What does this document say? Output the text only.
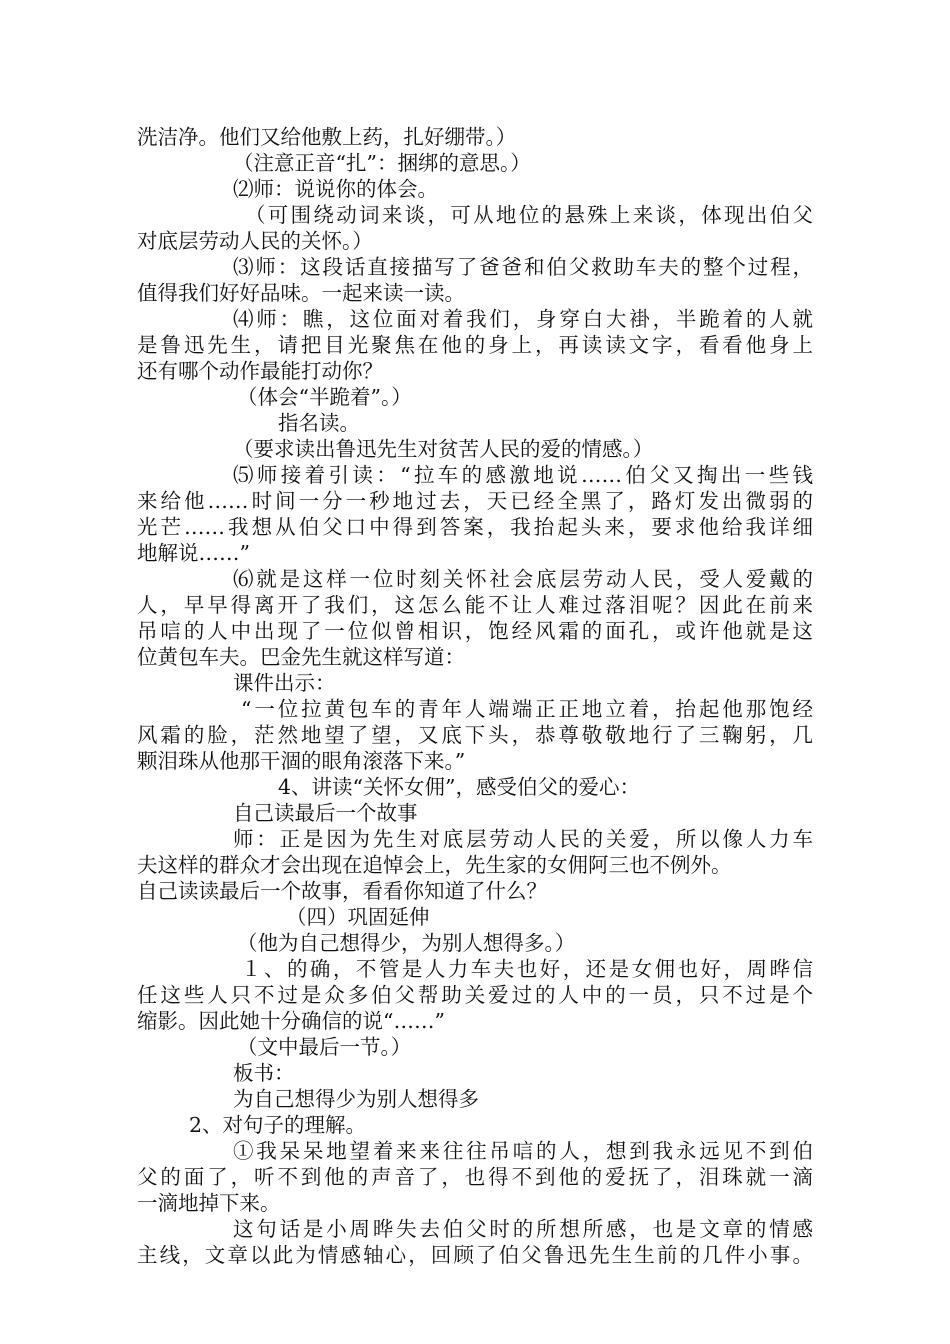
洗洁净。他们又给他敷上药，扎好绷带。）
（注意正音“扎”：捆绑的意思。）
⑵师：说说你的体会。
（可围绕动词来谈，可从地位的悬殊上来谈，体现出伯父
对底层劳动人民的关怀。）
⑶师：这段话直接描写了爸爸和伯父救助车夫的整个过程，
值得我们好好品味。一起来读一读。
⑷师：瞧，这位面对着我们，身穿白大褂，半跪着的人就
是鲁迅先生，请把目光聚焦在他的身上，再读读文字，看看他身上
还有哪个动作最能打动你？
（体会“半跪着”。）
指名读。
（要求读出鲁迅先生对贫苦人民的爱的情感。）
⑸师接着引读：“拉车的感激地说……伯父又掏出一些钱
来给他……时间一分一秒地过去，天已经全黑了，路灯发出微弱的
光芒……我想从伯父口中得到答案，我抬起头来，要求他给我详细
地解说……”
⑹就是这样一位时刻关怀社会底层劳动人民，受人爱戴的
人，早早得离开了我们，这怎么能不让人难过落泪呢？因此在前来
吊唁的人中出现了一位似曾相识，饱经风霜的面孔，或许他就是这
位黄包车夫。巴金先生就这样写道：
课件出示：
“一位拉黄包车的青年人端端正正地立着，抬起他那饱经
风霜的脸，茫然地望了望，又底下头，恭尊敬敬地行了三鞠躬，几
颗泪珠从他那干涸的眼角滚落下来。”
4、讲读“关怀女佣”，感受伯父的爱心：
自己读最后一个故事
师：正是因为先生对底层劳动人民的关爱，所以像人力车
夫这样的群众才会出现在追悼会上，先生家的女佣阿三也不例外。
自己读读最后一个故事，看看你知道了什么？
（四）巩固延伸
（他为自己想得少，为别人想得多。）
１、的确，不管是人力车夫也好，还是女佣也好，周晔信
任这些人只不过是众多伯父帮助关爱过的人中的一员，只不过是个
缩影。因此她十分确信的说“……”
（文中最后一节。）
板书：
为自己想得少为别人想得多
2、对句子的理解。
①我呆呆地望着来来往往吊唁的人，想到我永远见不到伯
父的面了，听不到他的声音了，也得不到他的爱抚了，泪珠就一滴
一滴地掉下来。
这句话是小周晔失去伯父时的所想所感，也是文章的情感
主线，文章以此为情感轴心，回顾了伯父鲁迅先生生前的几件小事。
